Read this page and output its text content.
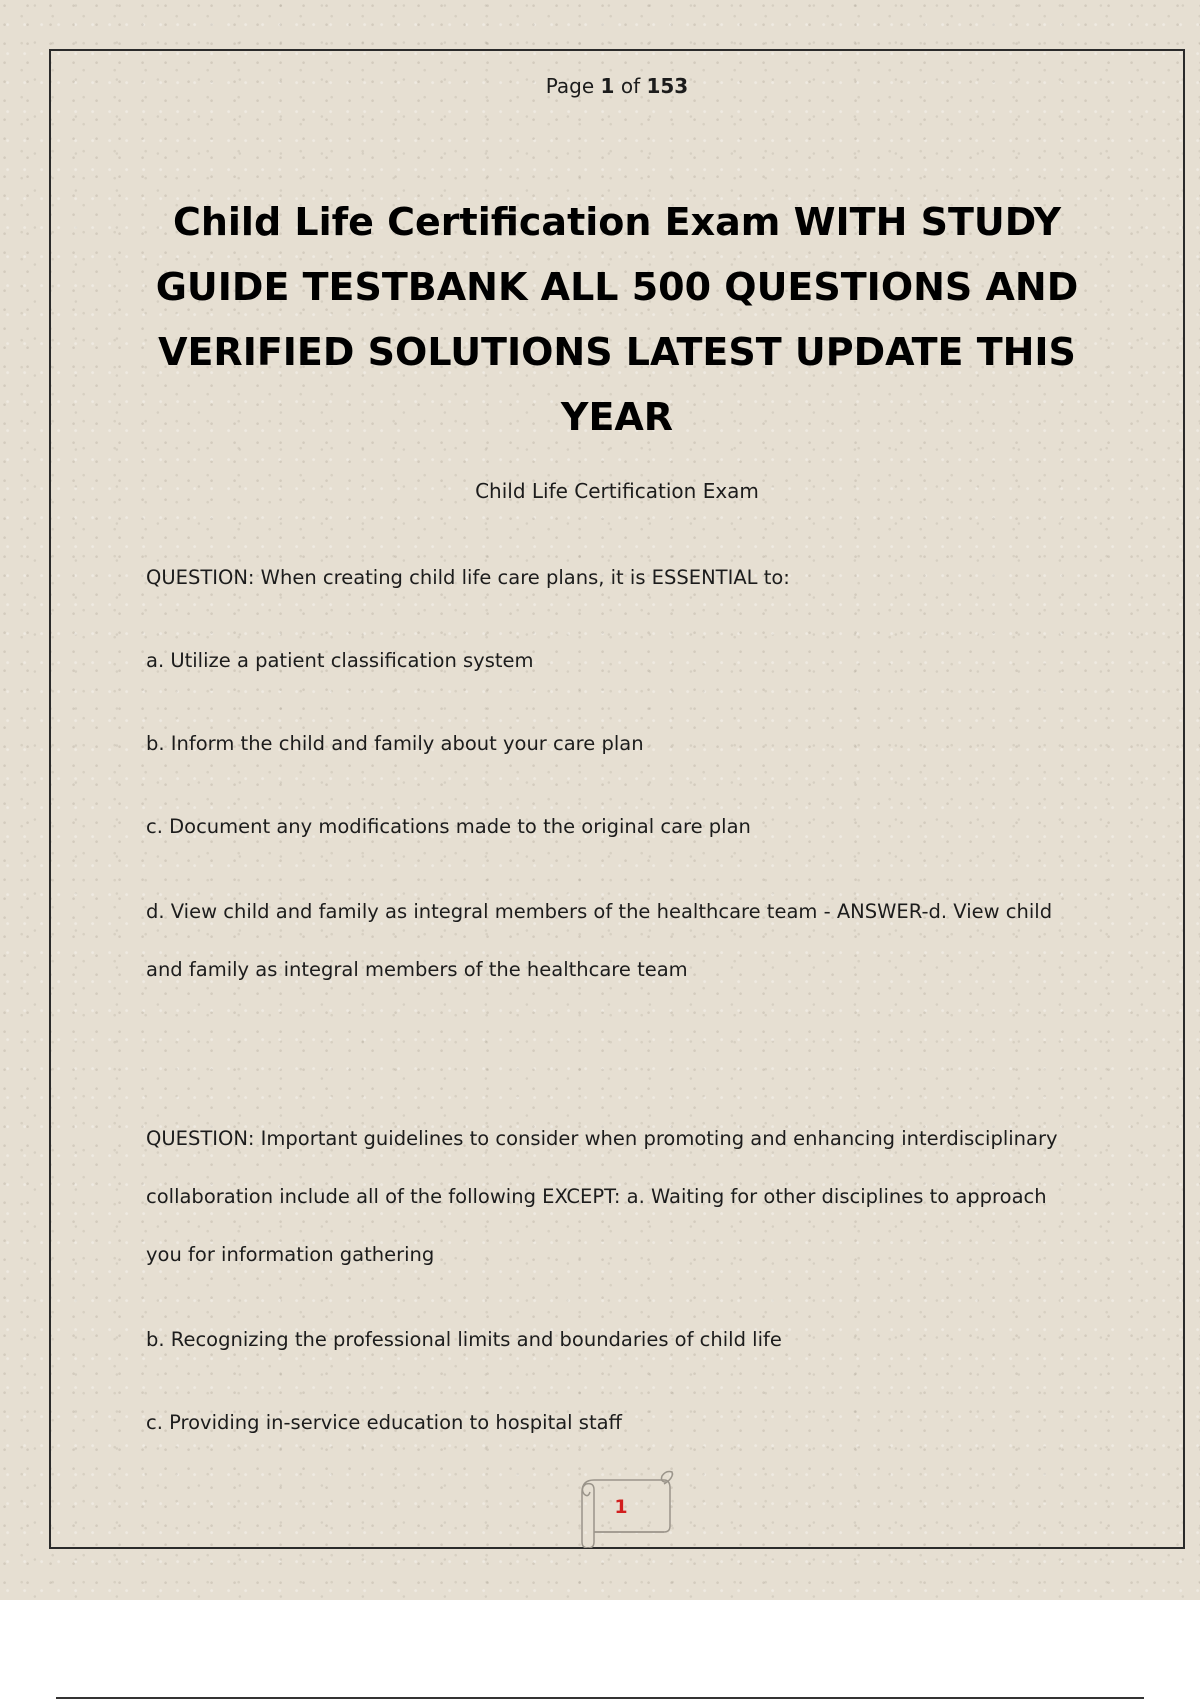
Page 1 of 153
Child Life Certification Exam WITH STUDY GUIDE TESTBANK ALL 500 QUESTIONS AND VERIFIED SOLUTIONS LATEST UPDATE THIS YEAR
Child Life Certification Exam
QUESTION: When creating child life care plans, it is ESSENTIAL to:
a. Utilize a patient classification system
b. Inform the child and family about your care plan
c. Document any modifications made to the original care plan
d. View child and family as integral members of the healthcare team - ANSWER-d. View child
and family as integral members of the healthcare team
QUESTION: Important guidelines to consider when promoting and enhancing interdisciplinary
collaboration include all of the following EXCEPT: a. Waiting for other disciplines to approach
you for information gathering
b. Recognizing the professional limits and boundaries of child life
c. Providing in-service education to hospital staff
1
